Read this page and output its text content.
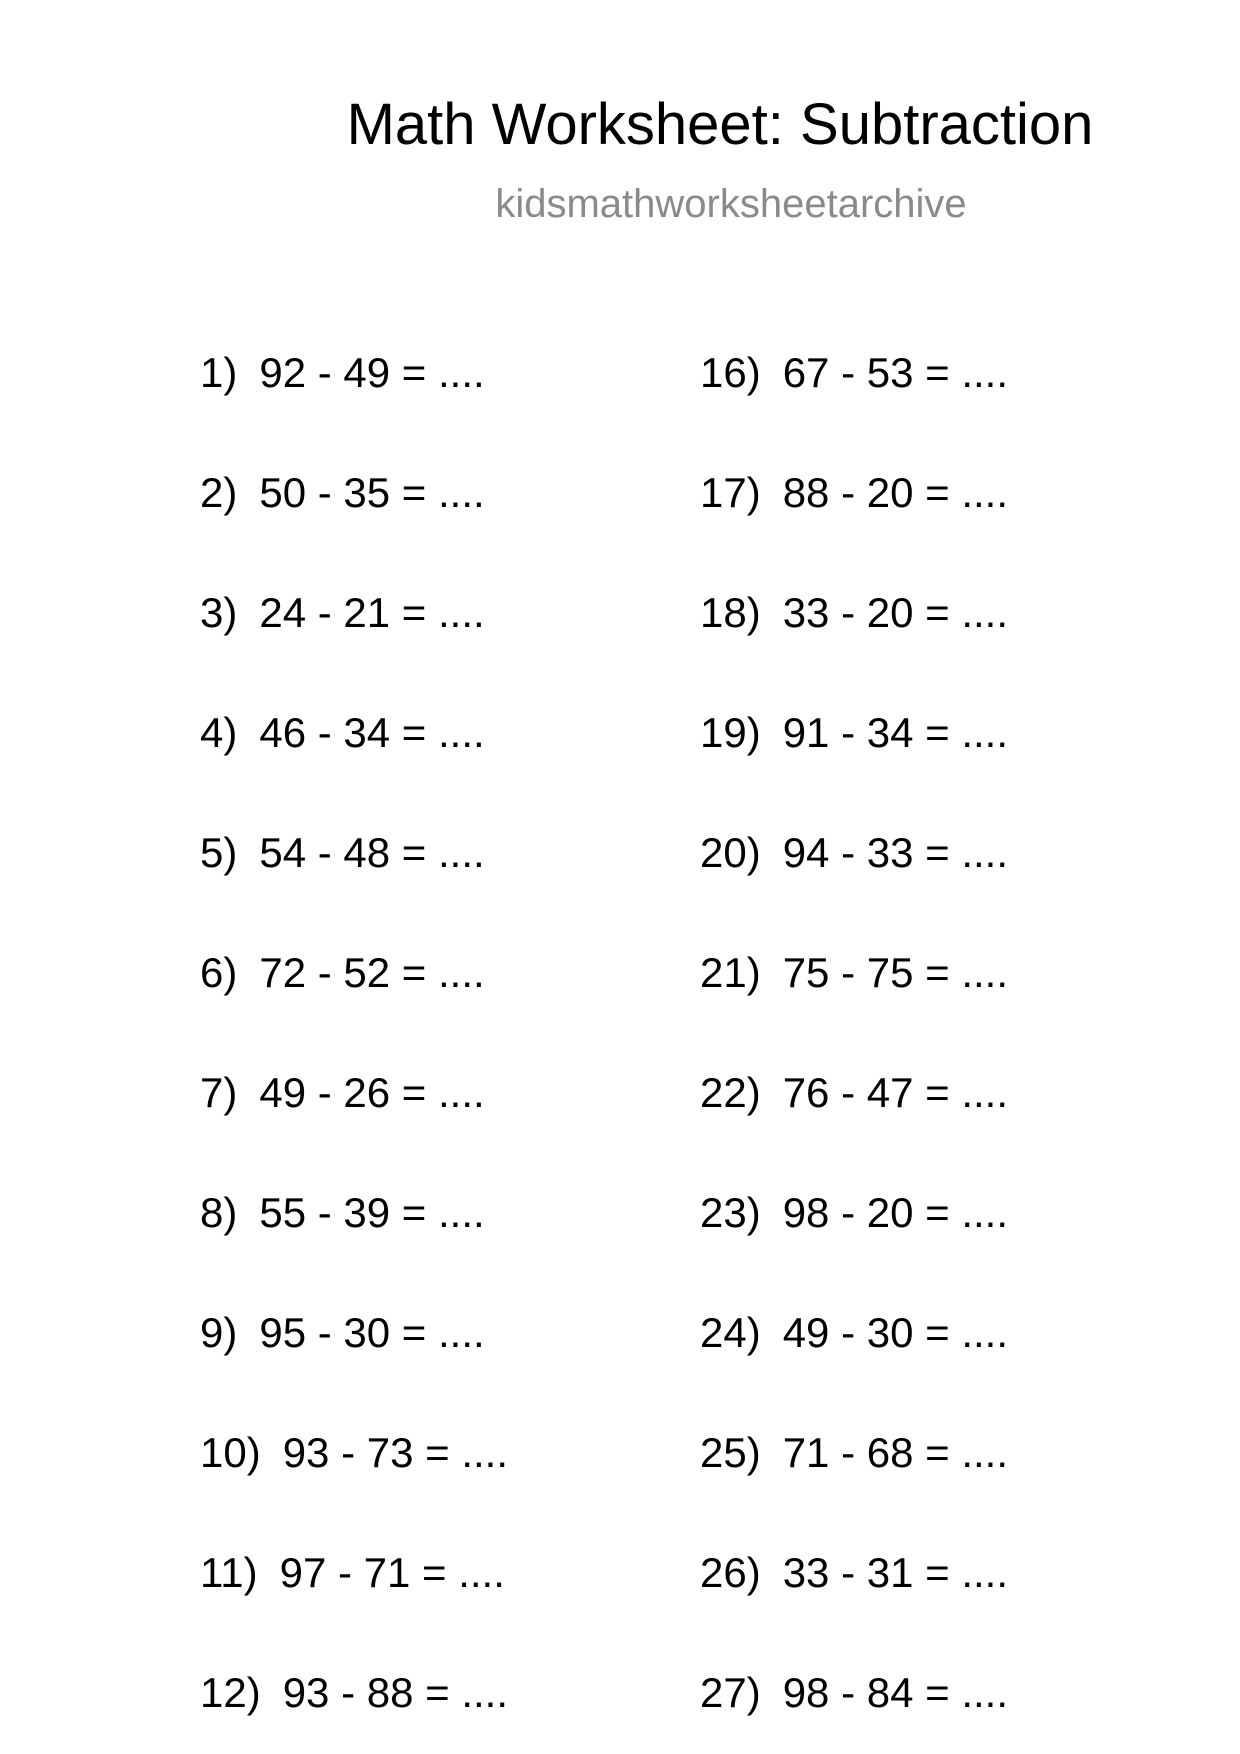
Math Worksheet: Subtraction
kidsmathworksheetarchive
1) 92 - 49 = ....
2) 50 - 35 = ....
3) 24 - 21 = ....
4) 46 - 34 = ....
5) 54 - 48 = ....
6) 72 - 52 = ....
7) 49 - 26 = ....
8) 55 - 39 = ....
9) 95 - 30 = ....
10) 93 - 73 = ....
11) 97 - 71 = ....
12) 93 - 88 = ....
16) 67 - 53 = ....
17) 88 - 20 = ....
18) 33 - 20 = ....
19) 91 - 34 = ....
20) 94 - 33 = ....
21) 75 - 75 = ....
22) 76 - 47 = ....
23) 98 - 20 = ....
24) 49 - 30 = ....
25) 71 - 68 = ....
26) 33 - 31 = ....
27) 98 - 84 = ....
